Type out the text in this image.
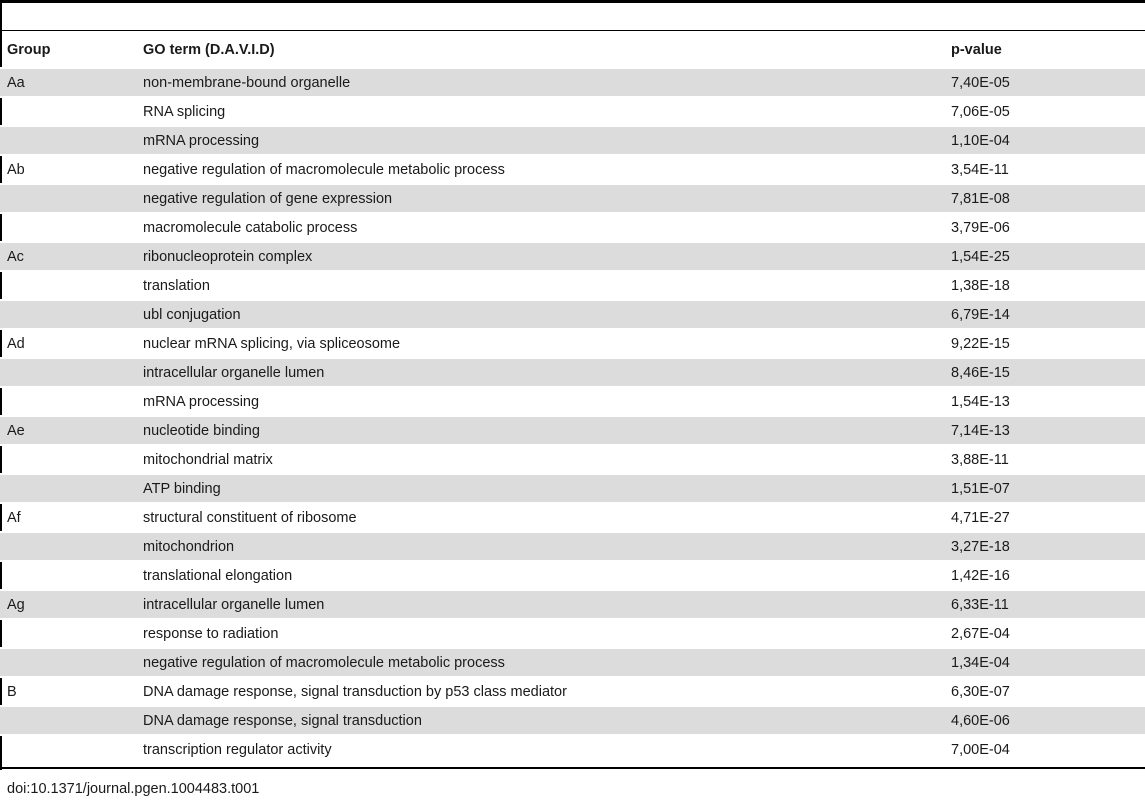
Group	GO term (D.A.V.I.D)	p-value
Aa	non-membrane-bound organelle	7,40E-05
	RNA splicing	7,06E-05
	mRNA processing	1,10E-04
Ab	negative regulation of macromolecule metabolic process	3,54E-11
	negative regulation of gene expression	7,81E-08
	macromolecule catabolic process	3,79E-06
Ac	ribonucleoprotein complex	1,54E-25
	translation	1,38E-18
	ubl conjugation	6,79E-14
Ad	nuclear mRNA splicing, via spliceosome	9,22E-15
	intracellular organelle lumen	8,46E-15
	mRNA processing	1,54E-13
Ae	nucleotide binding	7,14E-13
	mitochondrial matrix	3,88E-11
	ATP binding	1,51E-07
Af	structural constituent of ribosome	4,71E-27
	mitochondrion	3,27E-18
	translational elongation	1,42E-16
Ag	intracellular organelle lumen	6,33E-11
	response to radiation	2,67E-04
	negative regulation of macromolecule metabolic process	1,34E-04
B	DNA damage response, signal transduction by p53 class mediator	6,30E-07
	DNA damage response, signal transduction	4,60E-06
	transcription regulator activity	7,00E-04
doi:10.1371/journal.pgen.1004483.t001
